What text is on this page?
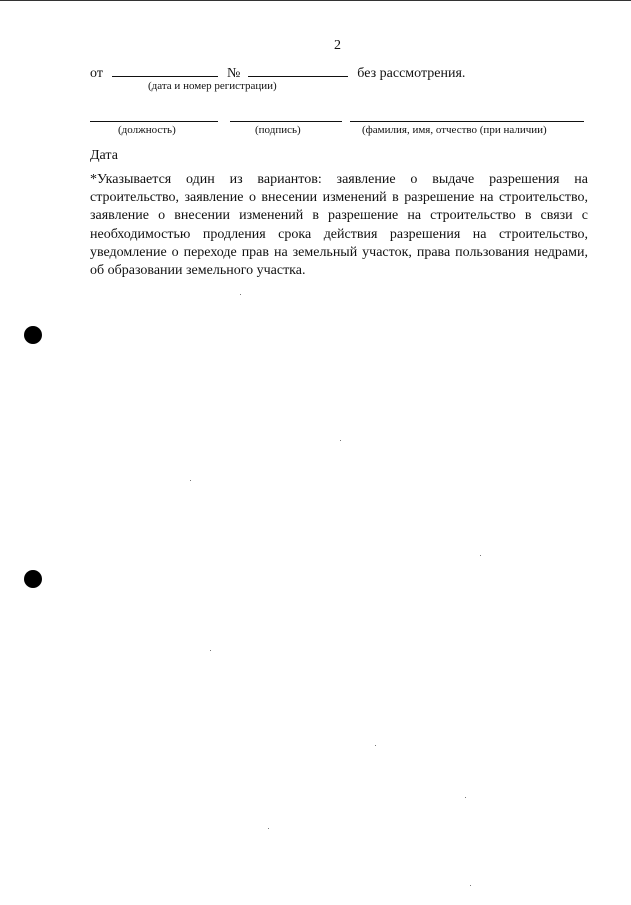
2
от	№	без рассмотрения.
(дата и номер регистрации)
(должность)	(подпись)	(фамилия, имя, отчество (при наличии)
Дата
*Указывается один из вариантов: заявление о выдаче разрешения на строительство, заявление о внесении изменений в разрешение на строительство, заявление о внесении изменений в разрешение на строительство в связи с необходимостью продления срока действия разрешения на строительство, уведомление о переходе прав на земельный участок, права пользования недрами, об образовании земельного участка.
